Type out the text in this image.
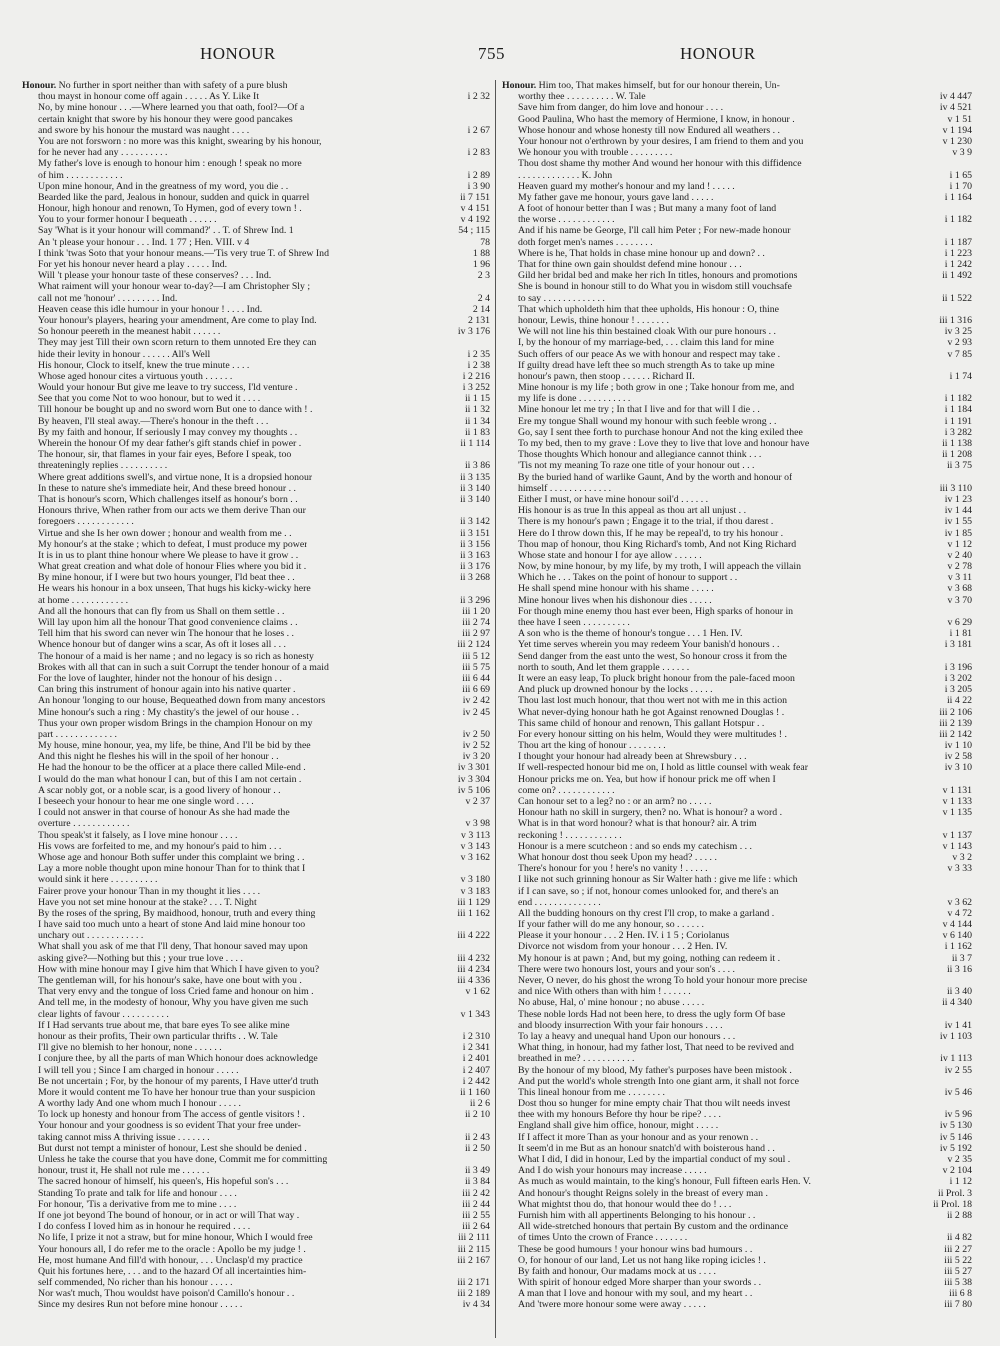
HONOUR	755	HONOUR
Honour. No further in sport neither than with safety of a pure blush
thou mayst in honour come off again . . . . . As Y. Like It	i 2 32
No, by mine honour . . .—Where learned you that oath, fool?—Of a
certain knight that swore by his honour they were good pancakes
and swore by his honour the mustard was naught . . . .	i 2 67
You are not forsworn : no more was this knight, swearing by his honour,
for he never had any . . . . . . . . . .	i 2 83
My father's love is enough to honour him : enough ! speak no more
of him . . . . . . . . . . . .	i 2 89
Upon mine honour, And in the greatness of my word, you die . .	i 3 90
Bearded like the pard, Jealous in honour, sudden and quick in quarrel	ii 7 151
Honour, high honour and renown, To Hymen, god of every town ! .	v 4 151
You to your former honour I bequeath . . . . . .	v 4 192
Say 'What is it your honour will command?' . . T. of Shrew Ind. 1	54 ; 115
An 't please your honour . . . Ind. 1 77 ; Hen. VIII. v 4	78
I think 'twas Soto that your honour means.—'Tis very true T. of Shrew Ind	1 88
For yet his honour never heard a play . . . . . Ind.	1 96
Will 't please your honour taste of these conserves? . . . Ind.	2 3
What raiment will your honour wear to-day?—I am Christopher Sly ;
call not me 'honour' . . . . . . . . . Ind.	2 4
Heaven cease this idle humour in your honour ! . . . . Ind.	2 14
Your honour's players, hearing your amendment, Are come to play Ind.	2 131
So honour peereth in the meanest habit . . . . . .	iv 3 176
They may jest Till their own scorn return to them unnoted Ere they can
hide their levity in honour . . . . . . All's Well	i 2 35
His honour, Clock to itself, knew the true minute . . . .	i 2 38
Whose aged honour cites a virtuous youth . . . . . .	i 2 216
Would your honour But give me leave to try success, I'ld venture .	i 3 252
See that you come Not to woo honour, but to wed it . . . .	ii 1 15
Till honour be bought up and no sword worn But one to dance with ! .	ii 1 32
By heaven, I'll steal away.—There's honour in the theft . . .	ii 1 34
By my faith and honour, If seriously I may convey my thoughts . .	ii 1 83
Wherein the honour Of my dear father's gift stands chief in power .	ii 1 114
The honour, sir, that flames in your fair eyes, Before I speak, too
threateningly replies . . . . . . . . . .	ii 3 86
Where great additions swell's, and virtue none, It is a dropsied honour	ii 3 135
In these to nature she's immediate heir, And these breed honour . .	ii 3 140
That is honour's scorn, Which challenges itself as honour's born . .	ii 3 140
Honours thrive, When rather from our acts we them derive Than our
foregoers . . . . . . . . . . . .	ii 3 142
Virtue and she Is her own dower ; honour and wealth from me . .	ii 3 151
My honour's at the stake ; which to defeat, I must produce my power	ii 3 156
It is in us to plant thine honour where We please to have it grow . .	ii 3 163
What great creation and what dole of honour Flies where you bid it .	ii 3 176
By mine honour, if I were but two hours younger, I'ld beat thee . .	ii 3 268
He wears his honour in a box unseen, That hugs his kicky-wicky here
at home . . . . . . . . . . . .	ii 3 296
And all the honours that can fly from us Shall on them settle . .	iii 1 20
Will lay upon him all the honour That good convenience claims . .	iii 2 74
Tell him that his sword can never win The honour that he loses . .	iii 2 97
Whence honour but of danger wins a scar, As oft it loses all . . .	iii 2 124
The honour of a maid is her name ; and no legacy is so rich as honesty	iii 5 12
Brokes with all that can in such a suit Corrupt the tender honour of a maid	iii 5 75
For the love of laughter, hinder not the honour of his design . .	iii 6 44
Can bring this instrument of honour again into his native quarter .	iii 6 69
An honour 'longing to our house, Bequeathed down from many ancestors	iv 2 42
Mine honour's such a ring : My chastity's the jewel of our house . .	iv 2 45
Thus your own proper wisdom Brings in the champion Honour on my
part . . . . . . . . . . . . .	iv 2 50
My house, mine honour, yea, my life, be thine, And I'll be bid by thee	iv 2 52
And this night he fleshes his will in the spoil of her honour . .	iv 3 20
He had the honour to be the officer at a place there called Mile-end .	iv 3 301
I would do the man what honour I can, but of this I am not certain .	iv 3 304
A scar nobly got, or a noble scar, is a good livery of honour . .	iv 5 106
I beseech your honour to hear me one single word . . . .	v 2 37
I could not answer in that course of honour As she had made the
overture . . . . . . . . . . . .	v 3 98
Thou speak'st it falsely, as I love mine honour . . . .	v 3 113
His vows are forfeited to me, and my honour's paid to him . . .	v 3 143
Whose age and honour Both suffer under this complaint we bring . .	v 3 162
Lay a more noble thought upon mine honour Than for to think that I
would sink it here . . . . . . . . . .	v 3 180
Fairer prove your honour Than in my thought it lies . . . .	v 3 183
Have you not set mine honour at the stake? . . . T. Night	iii 1 129
By the roses of the spring, By maidhood, honour, truth and every thing	iii 1 162
I have said too much unto a heart of stone And laid mine honour too
unchary out . . . . . . . . . . . .	iii 4 222
What shall you ask of me that I'll deny, That honour saved may upon
asking give?—Nothing but this ; your true love . . . .	iii 4 232
How with mine honour may I give him that Which I have given to you?	iii 4 234
The gentleman will, for his honour's sake, have one bout with you .	iii 4 336
That very envy and the tongue of loss Cried fame and honour on him .	v 1 62
And tell me, in the modesty of honour, Why you have given me such
clear lights of favour . . . . . . . . . .	v 1 343
If I Had servants true about me, that bare eyes To see alike mine
honour as their profits, Their own particular thrifts . . W. Tale	i 2 310
I'll give no blemish to her honour, none . . . . . .	i 2 341
I conjure thee, by all the parts of man Which honour does acknowledge	i 2 401
I will tell you ; Since I am charged in honour . . . . .	i 2 407
Be not uncertain ; For, by the honour of my parents, I Have utter'd truth	i 2 442
More it would content me To have her honour true than your suspicion	ii 1 160
A worthy lady And one whom much I honour . . . . .	ii 2 6
To lock up honesty and honour from The access of gentle visitors ! .	ii 2 10
Your honour and your goodness is so evident That your free under-
taking cannot miss A thriving issue . . . . . . .	ii 2 43
But durst not tempt a minister of honour, Lest she should be denied .	ii 2 50
Unless he take the course that you have done, Commit me for committing
honour, trust it, He shall not rule me . . . . . .	ii 3 49
The sacred honour of himself, his queen's, His hopeful son's . . .	ii 3 84
Standing To prate and talk for life and honour . . . .	iii 2 42
For honour, 'Tis a derivative from me to mine . . . .	iii 2 44
If one jot beyond The bound of honour, or in act or will That way .	iii 2 55
I do confess I loved him as in honour he required . . . .	iii 2 64
No life, I prize it not a straw, but for mine honour, Which I would free	iii 2 111
Your honours all, I do refer me to the oracle : Apollo be my judge ! .	iii 2 115
He, most humane And fill'd with honour, . . . Unclasp'd my practice	iii 2 167
Quit his fortunes here, . . . and to the hazard Of all incertainties him-
self commended, No richer than his honour . . . . .	iii 2 171
Nor was't much, Thou wouldst have poison'd Camillo's honour . .	iii 2 189
Since my desires Run not before mine honour . . . . .	iv 4 34
Honour. Him too, That makes himself, but for our honour therein, Un-
worthy thee . . . . . . . . . . W. Tale	iv 4 447
Save him from danger, do him love and honour . . . .	iv 4 521
Good Paulina, Who hast the memory of Hermione, I know, in honour .	v 1 51
Whose honour and whose honesty till now Endured all weathers . .	v 1 194
Your honour not o'erthrown by your desires, I am friend to them and you	v 1 230
We honour you with trouble . . . . . . . . .	v 3 9
Thou dost shame thy mother And wound her honour with this diffidence
. . . . . . . . . . . . . K. John	i 1 65
Heaven guard my mother's honour and my land ! . . . . .	i 1 70
My father gave me honour, yours gave land . . . . .	i 1 164
A foot of honour better than I was ; But many a many foot of land
the worse . . . . . . . . . . . .	i 1 182
And if his name be George, I'll call him Peter ; For new-made honour
doth forget men's names . . . . . . . .	i 1 187
Where is he, That holds in chase mine honour up and down? . .	i 1 223
That for thine own gain shouldst defend mine honour . . .	i 1 242
Gild her bridal bed and make her rich In titles, honours and promotions	ii 1 492
She is bound in honour still to do What you in wisdom still vouchsafe
to say . . . . . . . . . . . . .	ii 1 522
That which upholdeth him that thee upholds, His honour : O, thine
honour, Lewis, thine honour ! . . . . . . .	iii 1 316
We will not line his thin bestained cloak With our pure honours . .	iv 3 25
I, by the honour of my marriage-bed, . . . claim this land for mine	v 2 93
Such offers of our peace As we with honour and respect may take .	v 7 85
If guilty dread have left thee so much strength As to take up mine
honour's pawn, then stoop . . . . . . Richard II.	i 1 74
Mine honour is my life ; both grow in one ; Take honour from me, and
my life is done . . . . . . . . . . .	i 1 182
Mine honour let me try ; In that I live and for that will I die . .	i 1 184
Ere my tongue Shall wound my honour with such feeble wrong . .	i 1 191
Go, say I sent thee forth to purchase honour And not the king exiled thee	i 3 282
To my bed, then to my grave : Love they to live that love and honour have	ii 1 138
Those thoughts Which honour and allegiance cannot think . . .	ii 1 208
'Tis not my meaning To raze one title of your honour out . . .	ii 3 75
By the buried hand of warlike Gaunt, And by the worth and honour of
himself . . . . . . . . . . . . .	iii 3 110
Either I must, or have mine honour soil'd . . . . . .	iv 1 23
His honour is as true In this appeal as thou art all unjust . .	iv 1 44
There is my honour's pawn ; Engage it to the trial, if thou darest .	iv 1 55
Here do I throw down this, If he may be repeal'd, to try his honour .	iv 1 85
Thou map of honour, thou King Richard's tomb, And not King Richard	v 1 12
Whose state and honour I for aye allow . . . . . .	v 2 40
Now, by mine honour, by my life, by my troth, I will appeach the villain	v 2 78
Which he . . . Takes on the point of honour to support . .	v 3 11
He shall spend mine honour with his shame . . . . .	v 3 68
Mine honour lives when his dishonour dies . . . . .	v 3 70
For though mine enemy thou hast ever been, High sparks of honour in
thee have I seen . . . . . . . . . .	v 6 29
A son who is the theme of honour's tongue . . . 1 Hen. IV.	i 1 81
Yet time serves wherein you may redeem Your banish'd honours . .	i 3 181
Send danger from the east unto the west, So honour cross it from the
north to south, And let them grapple . . . . . .	i 3 196
It were an easy leap, To pluck bright honour from the pale-faced moon	i 3 202
And pluck up drowned honour by the locks . . . . .	i 3 205
Thou last lost much honour, that thou wert not with me in this action	ii 4 22
What never-dying honour hath he got Against renowned Douglas ! .	iii 2 106
This same child of honour and renown, This gallant Hotspur . .	iii 2 139
For every honour sitting on his helm, Would they were multitudes ! .	iii 2 142
Thou art the king of honour . . . . . . . .	iv 1 10
I thought your honour had already been at Shrewsbury . . .	iv 2 58
If well-respected honour bid me on, I hold as little counsel with weak fear	iv 3 10
Honour pricks me on. Yea, but how if honour prick me off when I
come on? . . . . . . . . . . . .	v 1 131
Can honour set to a leg? no : or an arm? no . . . . .	v 1 133
Honour hath no skill in surgery, then? no. What is honour? a word .	v 1 135
What is in that word honour? what is that honour? air. A trim
reckoning ! . . . . . . . . . . . .	v 1 137
Honour is a mere scutcheon : and so ends my catechism . . .	v 1 143
What honour dost thou seek Upon my head? . . . . .	v 3 2
There's honour for you ! here's no vanity ! . . . . .	v 3 33
I like not such grinning honour as Sir Walter hath : give me life : which
if I can save, so ; if not, honour comes unlooked for, and there's an
end . . . . . . . . . . . . . .	v 3 62
All the budding honours on thy crest I'll crop, to make a garland .	v 4 72
If your father will do me any honour, so . . . . . .	v 4 144
Please it your honour . . . 2 Hen. IV. i 1 5 ; Coriolanus	v 6 140
Divorce not wisdom from your honour . . . 2 Hen. IV.	i 1 162
My honour is at pawn ; And, but my going, nothing can redeem it .	ii 3 7
There were two honours lost, yours and your son's . . . .	ii 3 16
Never, O never, do his ghost the wrong To hold your honour more precise
and nice With others than with him ! . . . . . .	ii 3 40
No abuse, Hal, o' mine honour ; no abuse . . . . .	ii 4 340
These noble lords Had not been here, to dress the ugly form Of base
and bloody insurrection With your fair honours . . . .	iv 1 41
To lay a heavy and unequal hand Upon our honours . . .	iv 1 103
What thing, in honour, had my father lost, That need to be revived and
breathed in me? . . . . . . . . . . .	iv 1 113
By the honour of my blood, My father's purposes have been mistook .	iv 2 55
And put the world's whole strength Into one giant arm, it shall not force
This lineal honour from me . . . . . . . .	iv 5 46
Dost thou so hunger for mine empty chair That thou wilt needs invest
thee with my honours Before thy hour be ripe? . . . .	iv 5 96
England shall give him office, honour, might . . . . .	iv 5 130
If I affect it more Than as your honour and as your renown . .	iv 5 146
It seem'd in me But as an honour snatch'd with boisterous hand . .	iv 5 192
What I did, I did in honour, Led by the impartial conduct of my soul .	v 2 35
And I do wish your honours may increase . . . . .	v 2 104
As much as would maintain, to the king's honour, Full fifteen earls Hen. V.	i 1 12
And honour's thought Reigns solely in the breast of every man .	ii Prol. 3
What mightst thou do, that honour would thee do ! . . .	ii Prol. 18
Furnish him with all appertinents Belonging to his honour . .	ii 2 88
All wide-stretched honours that pertain By custom and the ordinance
of times Unto the crown of France . . . . . . .	ii 4 82
These be good humours ! your honour wins bad humours . .	iii 2 27
O, for honour of our land, Let us not hang like roping icicles ! .	iii 5 22
By faith and honour, Our madams mock at us . . . .	iii 5 27
With spirit of honour edged More sharper than your swords . .	iii 5 38
A man that I love and honour with my soul, and my heart . .	iii 6 8
And 'twere more honour some were away . . . . .	iii 7 80
